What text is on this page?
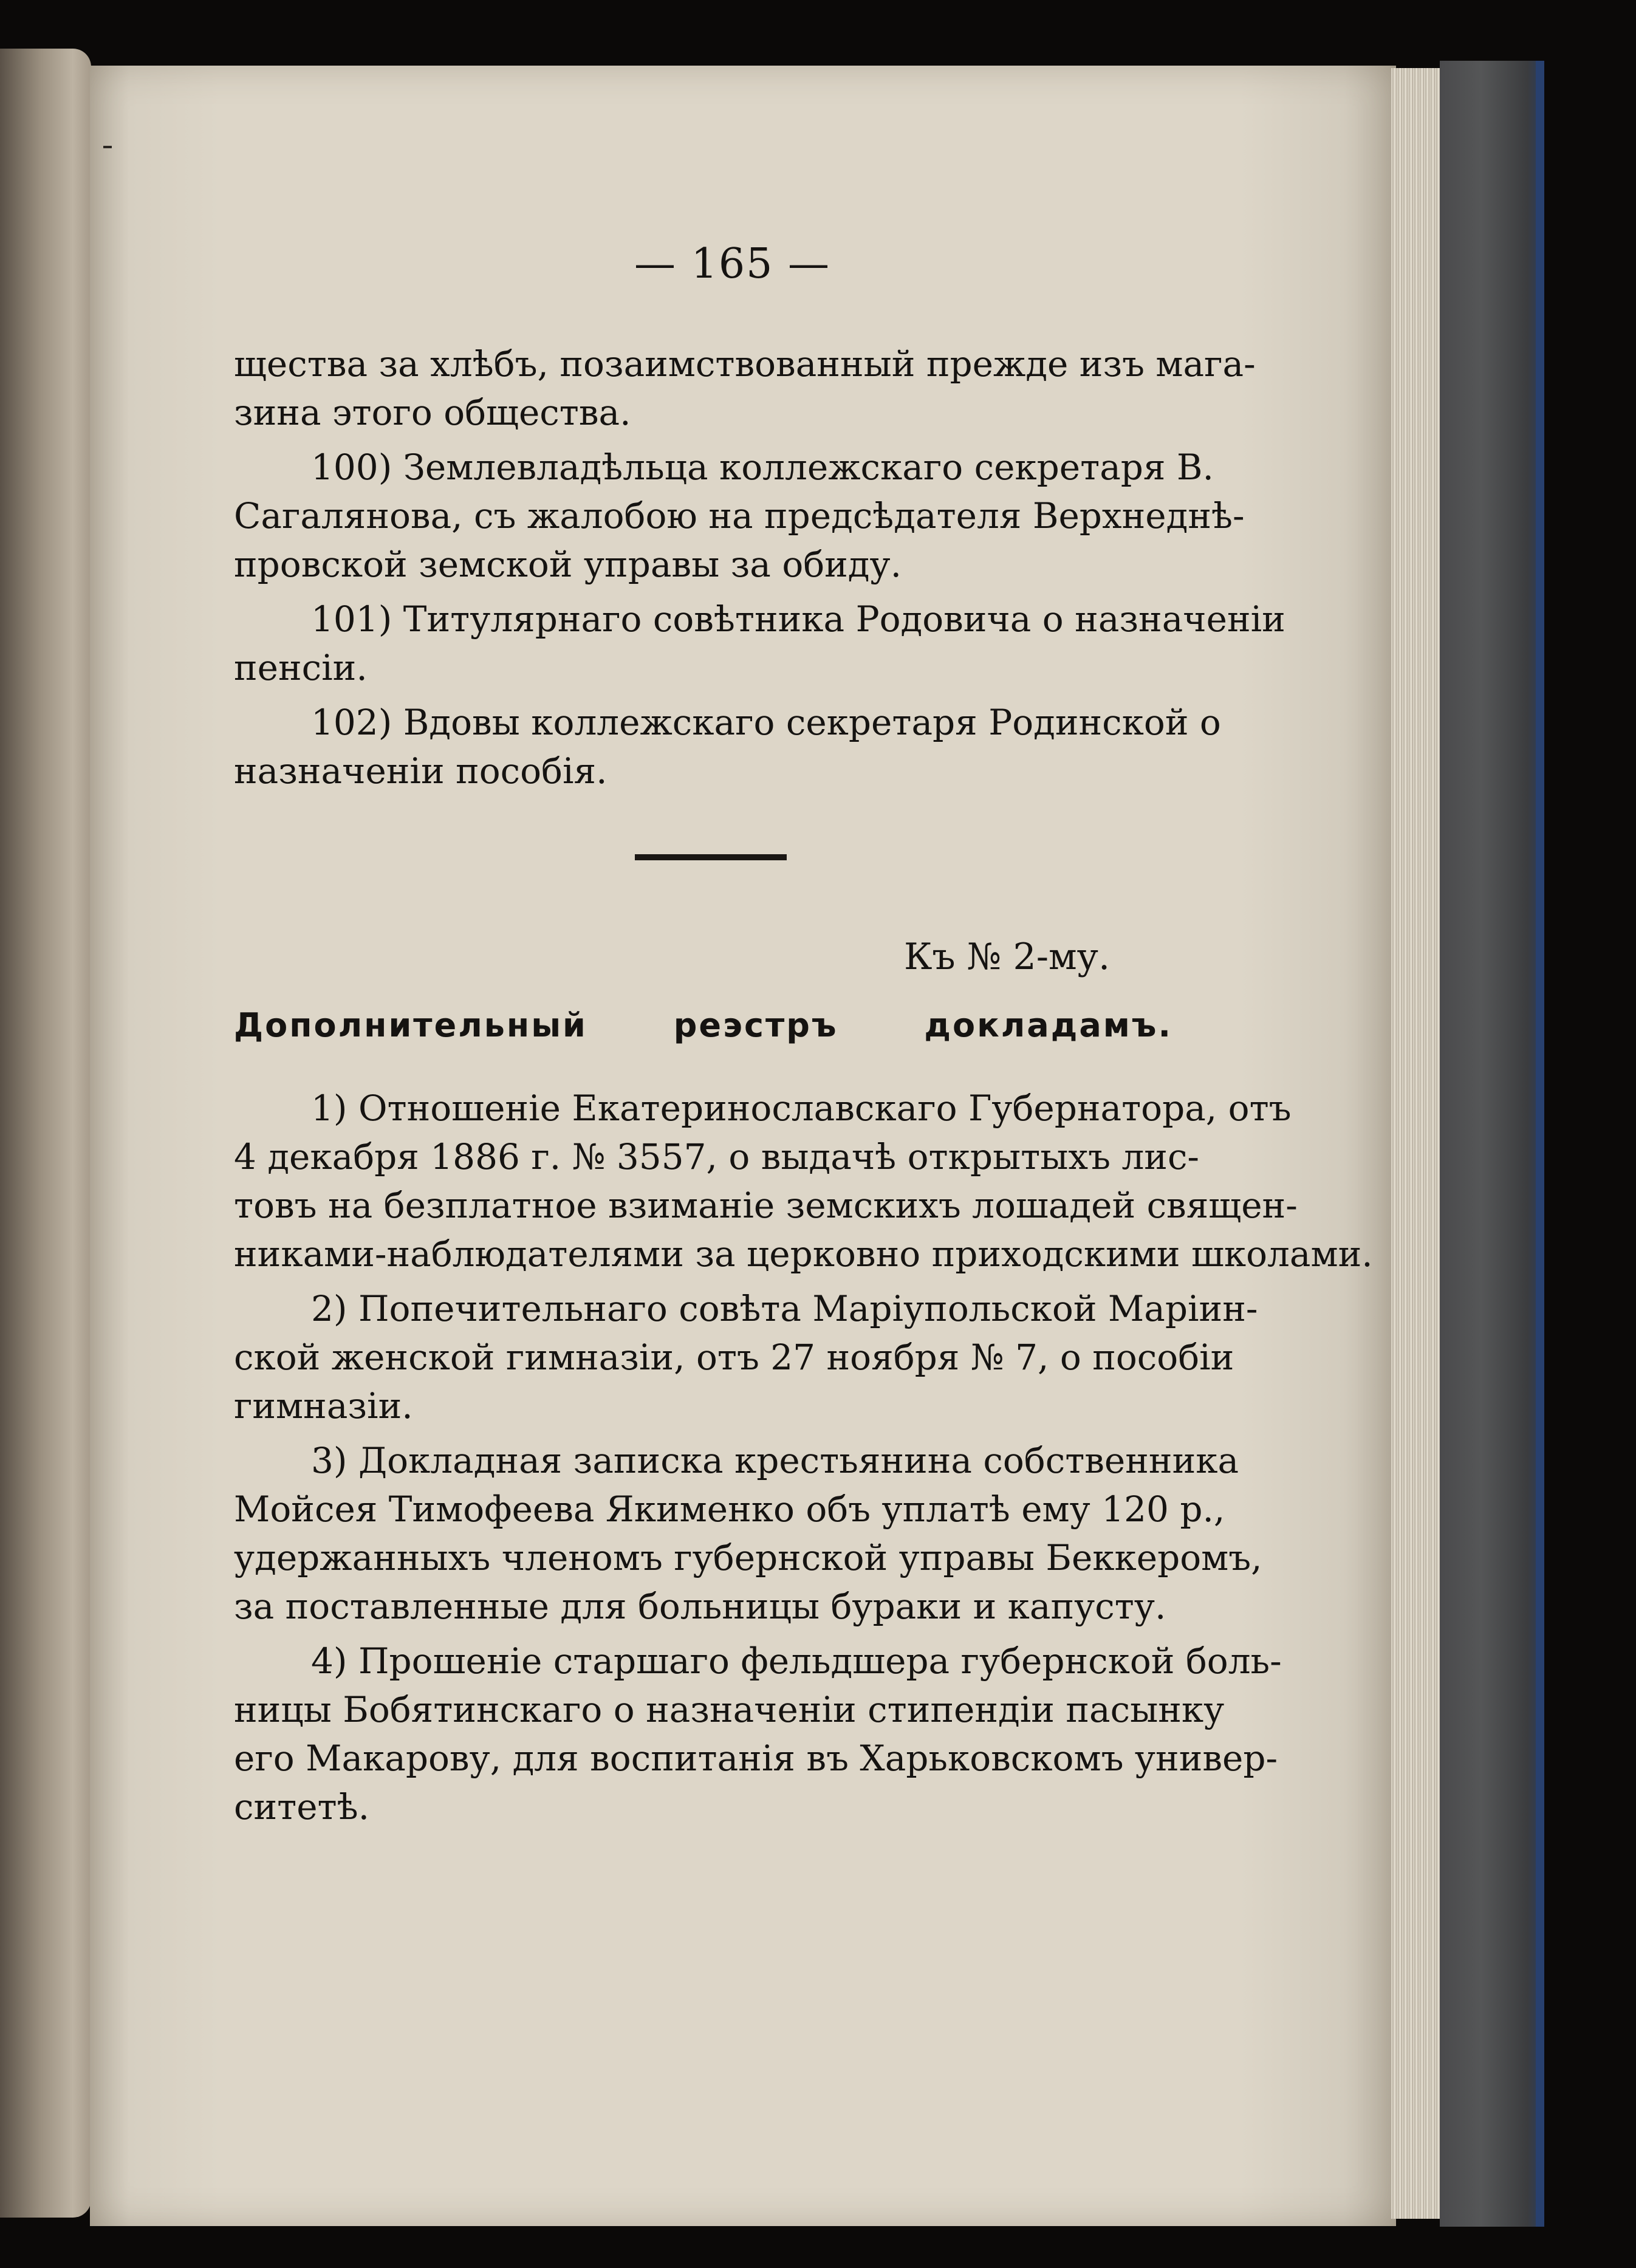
— 165 —

щества за хлѣбъ, позаимствованный прежде изъ мага-

зина этого общества.

100) Землевладѣльца коллежскаго секретаря В.

Сагалянова, съ жалобою на предсѣдателя Верхнеднѣ-

провской земской управы за обиду.

101) Титулярнаго совѣтника Родовича о назначеніи

пенсіи.

102) Вдовы коллежскаго секретаря Родинской о

назначеніи пособія.

Къ № 2-му.

Дополнительный реэстръ докладамъ.

1) Отношеніе Екатеринославскаго Губернатора, отъ

4 декабря 1886 г. № 3557, о выдачѣ открытыхъ лис-

товъ на безплатное взиманіе земскихъ лошадей священ-

никами-наблюдателями за церковно приходскими школами.

2) Попечительнаго совѣта Маріупольской Маріин-

ской женской гимназіи, отъ 27 ноября № 7, о пособіи

гимназіи.

3) Докладная записка крестьянина собственника

Мойсея Тимофеева Якименко объ уплатѣ ему 120 р.,

удержанныхъ членомъ губернской управы Беккеромъ,

за поставленные для больницы бураки и капусту.

4) Прошеніе старшаго фельдшера губернской боль-

ницы Бобятинскаго о назначеніи стипендіи пасынку

его Макарову, для воспитанія въ Харьковскомъ универ-

ситетѣ.
